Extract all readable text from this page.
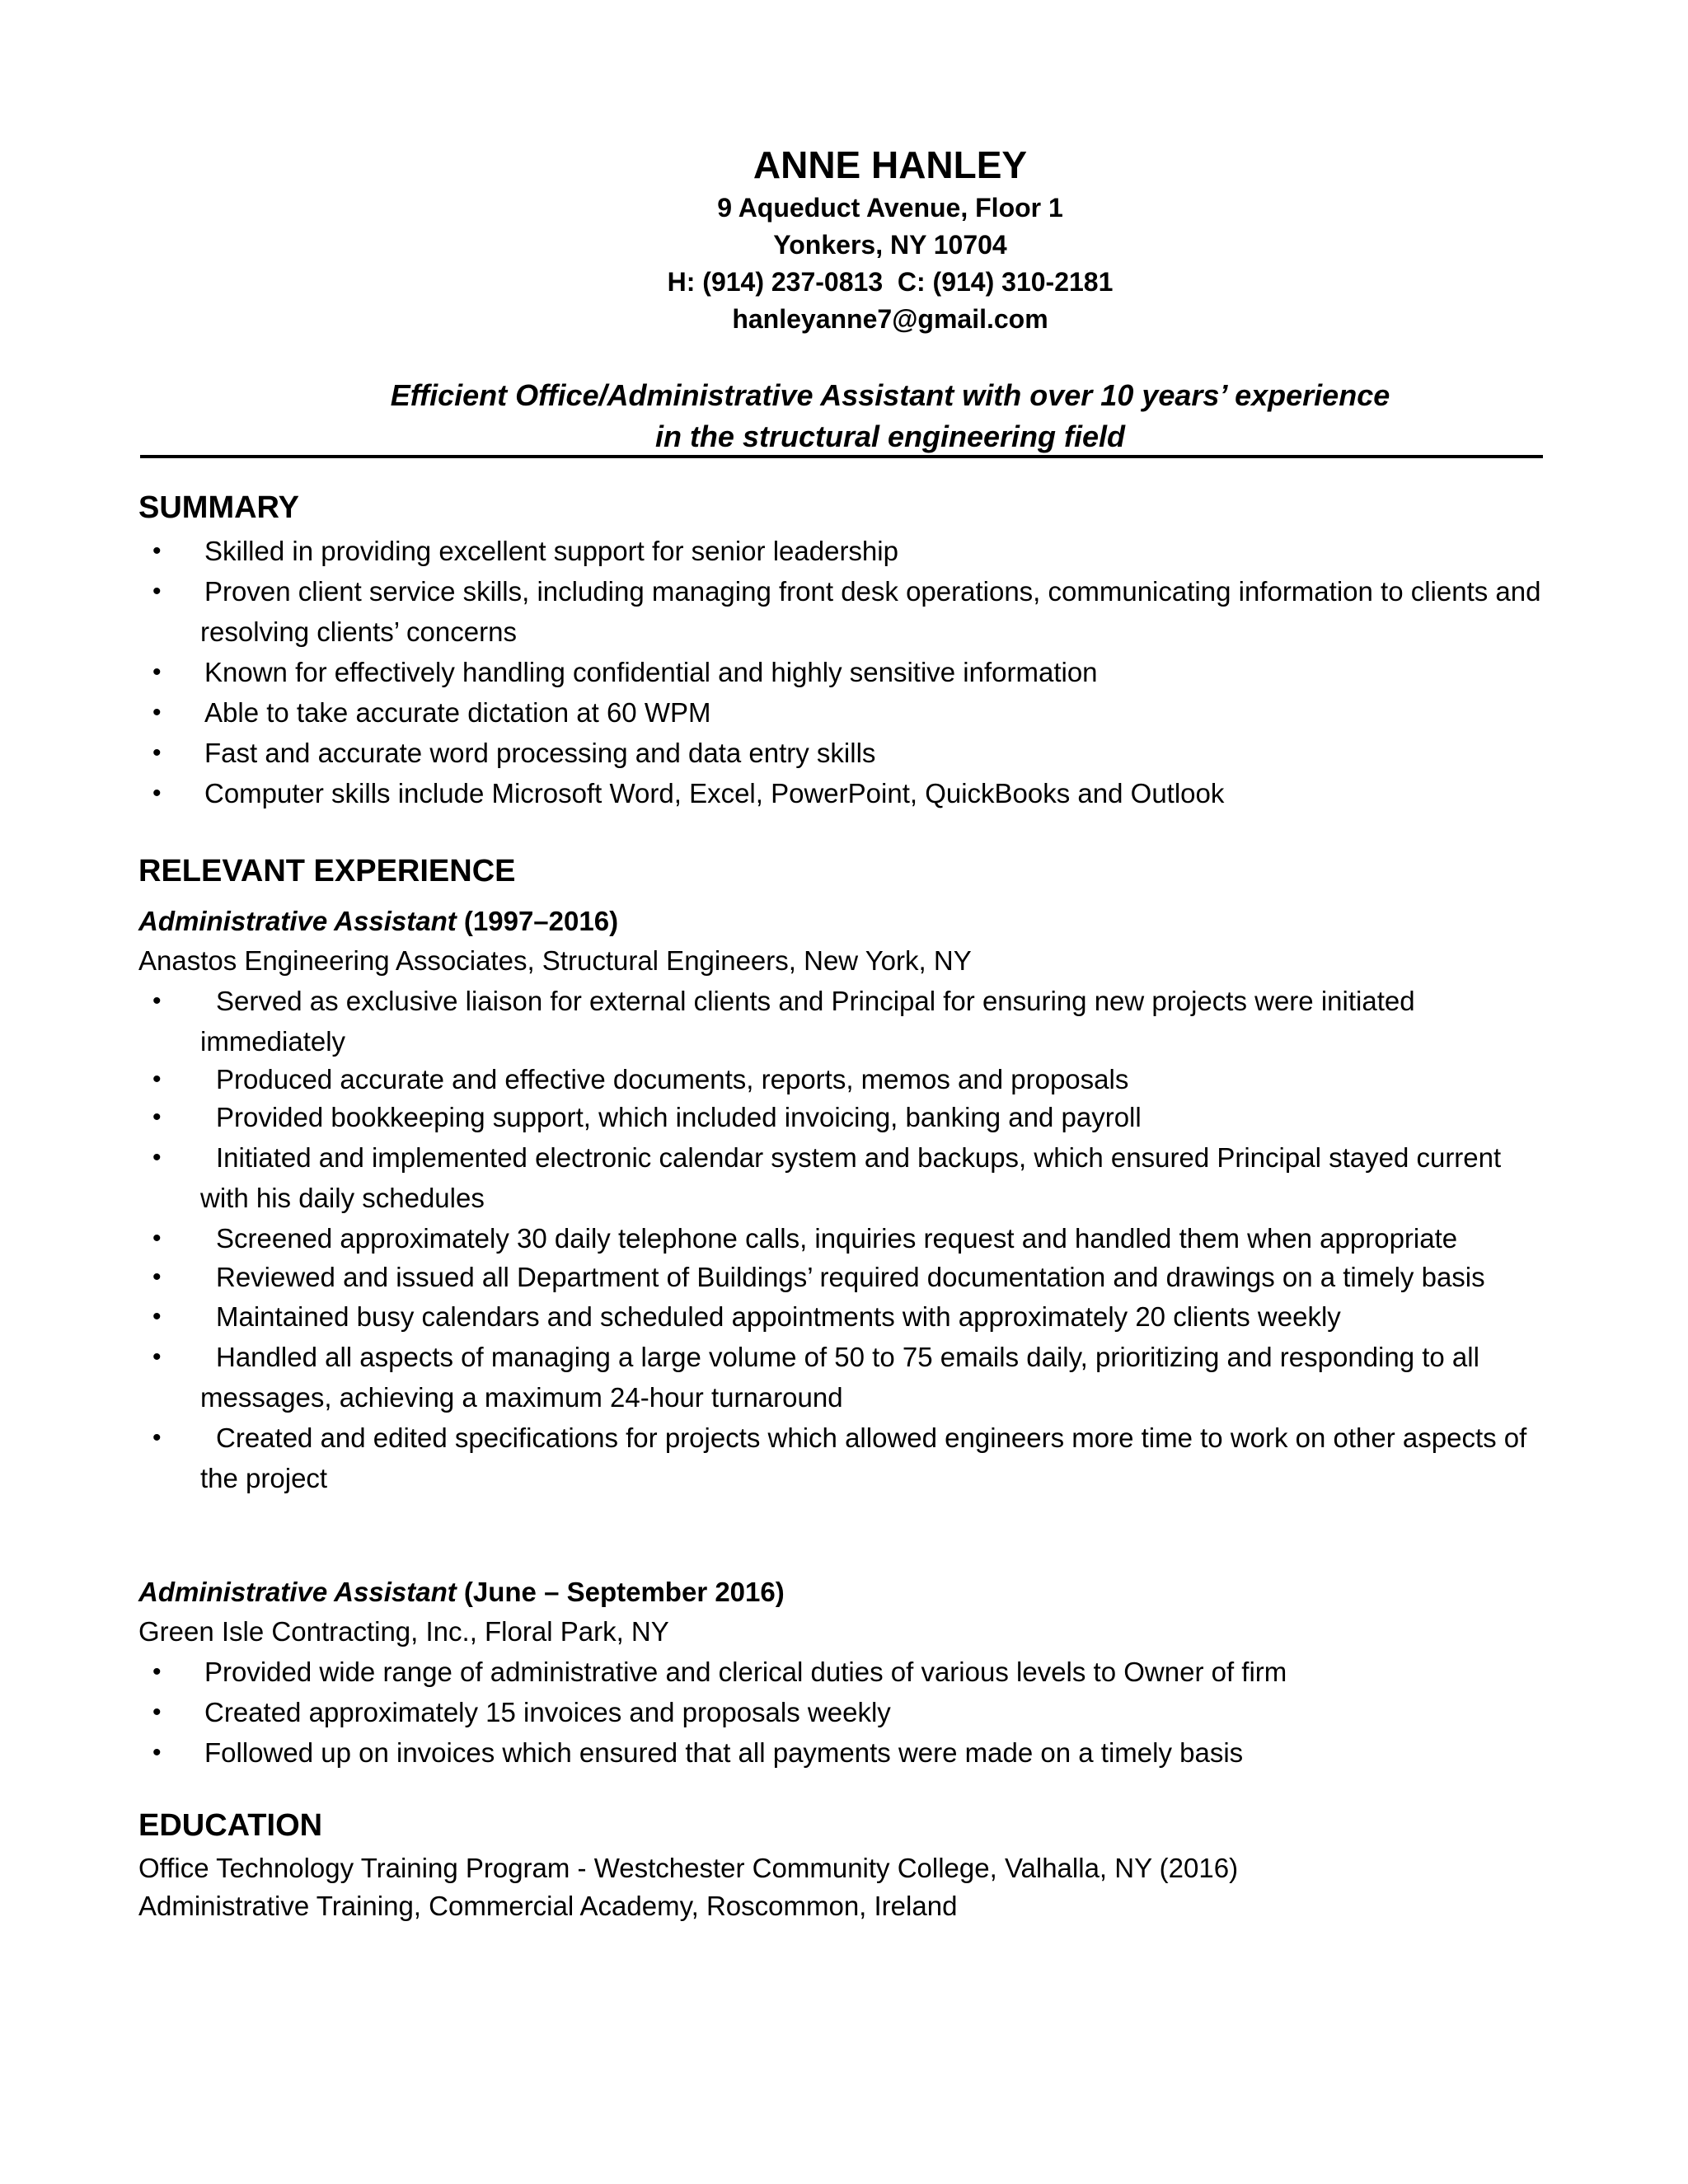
ANNE HANLEY

9 Aqueduct Avenue, Floor 1

Yonkers, NY 10704

H: (914) 237-0813  C: (914) 310-2181

hanleyanne7@gmail.com

Efficient Office/Administrative Assistant with over 10 years’ experience
in the structural engineering field
SUMMARY
• Skilled in providing excellent support for senior leadership
• Proven client service skills, including managing front desk operations, communicating information to clients and resolving clients’ concerns
• Known for effectively handling confidential and highly sensitive information
• Able to take accurate dictation at 60 WPM
• Fast and accurate word processing and data entry skills
• Computer skills include Microsoft Word, Excel, PowerPoint, QuickBooks and Outlook
RELEVANT EXPERIENCE

Administrative Assistant (1997–2016)

Anastos Engineering Associates, Structural Engineers, New York, NY

• Served as exclusive liaison for external clients and Principal for ensuring new projects were initiated immediately
• Produced accurate and effective documents, reports, memos and proposals
• Provided bookkeeping support, which included invoicing, banking and payroll
• Initiated and implemented electronic calendar system and backups, which ensured Principal stayed current with his daily schedules
• Screened approximately 30 daily telephone calls, inquiries request and handled them when appropriate
• Reviewed and issued all Department of Buildings’ required documentation and drawings on a timely basis
• Maintained busy calendars and scheduled appointments with approximately 20 clients weekly
• Handled all aspects of managing a large volume of 50 to 75 emails daily, prioritizing and responding to all messages, achieving a maximum 24-hour turnaround
• Created and edited specifications for projects which allowed engineers more time to work on other aspects of the project

Administrative Assistant (June – September 2016)

Green Isle Contracting, Inc., Floral Park, NY

• Provided wide range of administrative and clerical duties of various levels to Owner of firm
• Created approximately 15 invoices and proposals weekly
• Followed up on invoices which ensured that all payments were made on a timely basis
EDUCATION

Office Technology Training Program - Westchester Community College, Valhalla, NY (2016)

Administrative Training, Commercial Academy, Roscommon, Ireland
